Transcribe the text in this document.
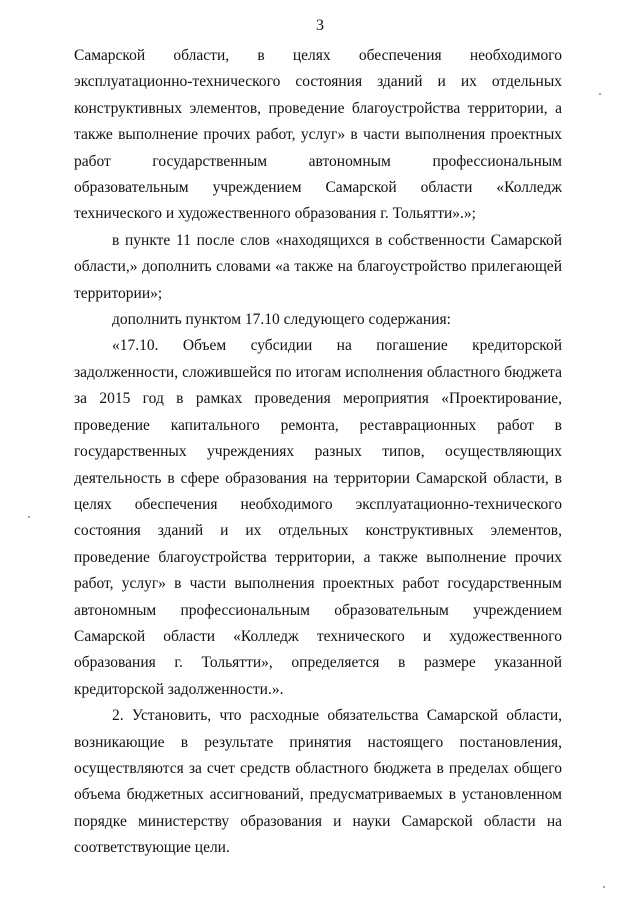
3

Самарской области, в целях обеспечения необходимого эксплуатационно-технического состояния зданий и их отдельных конструктивных элементов, проведение благоустройства территории, а также выполнение прочих работ, услуг» в части выполнения проектных работ государственным автономным профессиональным образовательным учреждением Самарской области «Колледж технического и художественного образования г. Тольятти».»;

в пункте 11 после слов «находящихся в собственности Самарской области,» дополнить словами «а также на благоустройство прилегающей территории»;

дополнить пунктом 17.10 следующего содержания:

«17.10. Объем субсидии на погашение кредиторской задолженности, сложившейся по итогам исполнения областного бюджета за 2015 год в рамках проведения мероприятия «Проектирование, проведение капитального ремонта, реставрационных работ в государственных учреждениях разных типов, осуществляющих деятельность в сфере образования на территории Самарской области, в целях обеспечения необходимого эксплуатационно-технического состояния зданий и их отдельных конструктивных элементов, проведение благоустройства территории, а также выполнение прочих работ, услуг» в части выполнения проектных работ государственным автономным профессиональным образовательным учреждением Самарской области «Колледж технического и художественного образования г. Тольятти», определяется в размере указанной кредиторской задолженности.».

2. Установить, что расходные обязательства Самарской области, возникающие в результате принятия настоящего постановления, осуществляются за счет средств областного бюджета в пределах общего объема бюджетных ассигнований, предусматриваемых в установленном порядке министерству образования и науки Самарской области на соответствующие цели.
